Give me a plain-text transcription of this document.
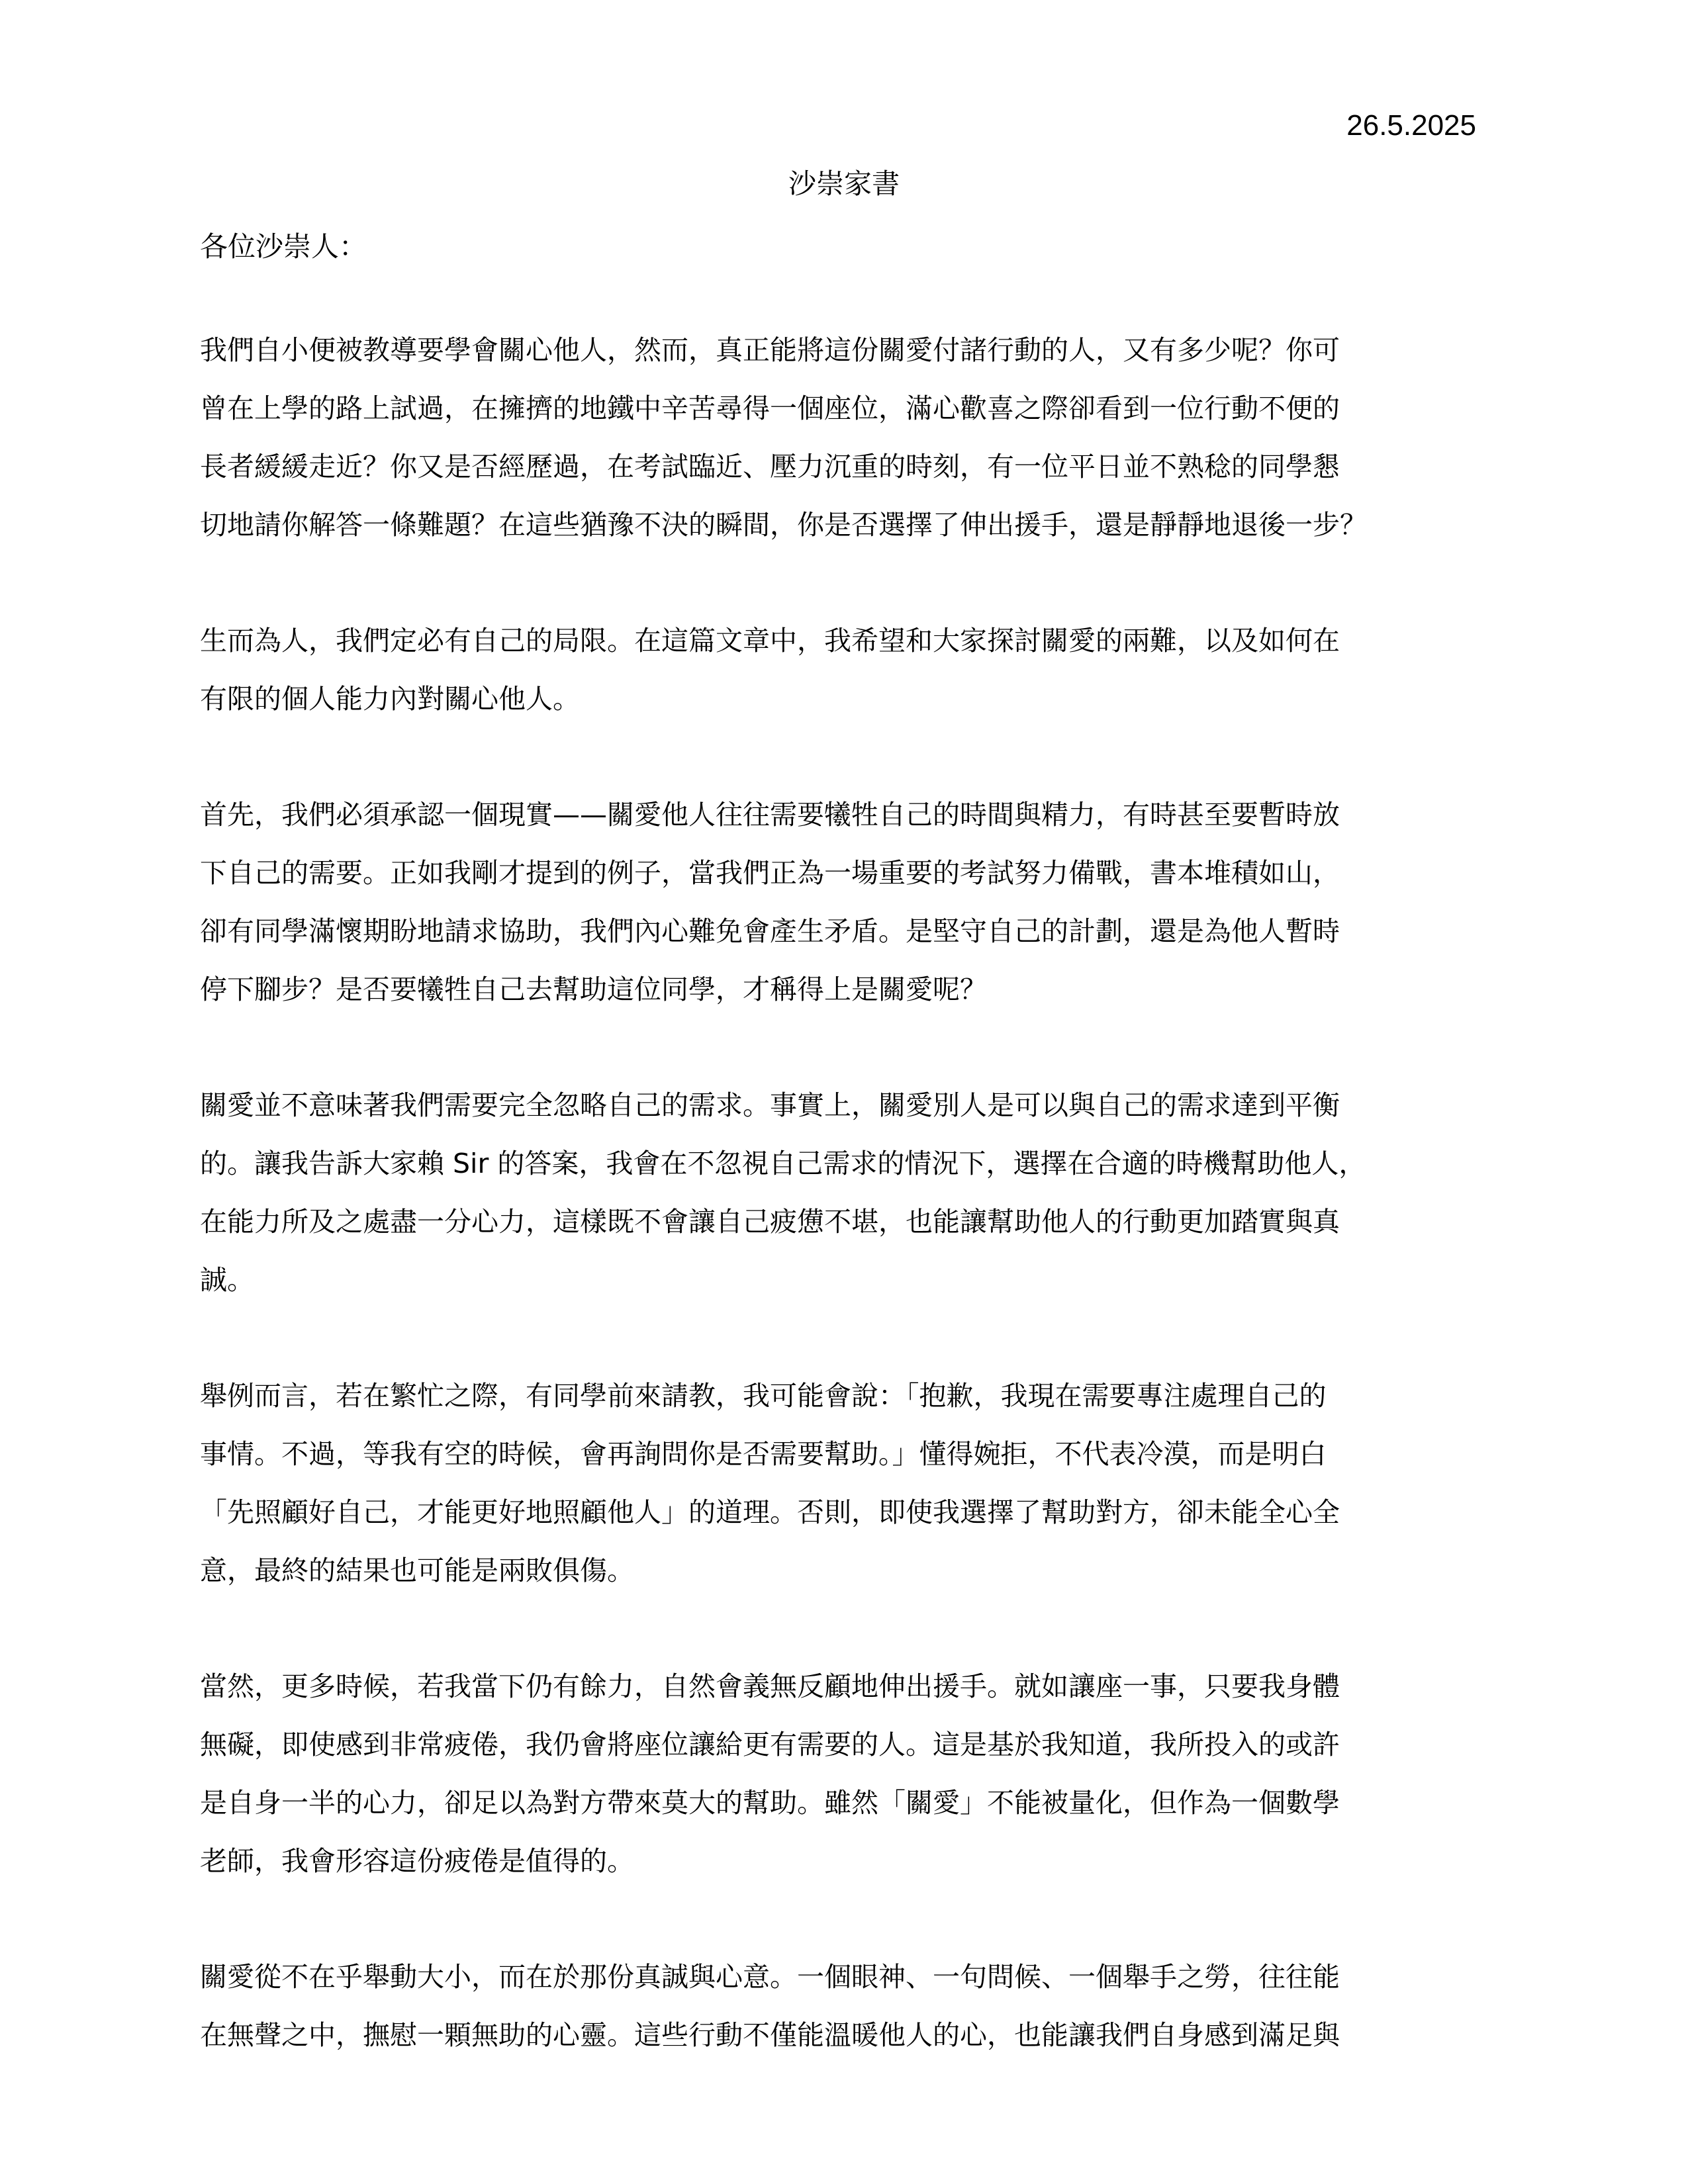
26.5.2025
沙崇家書
各位沙崇人：

我們自小便被教導要學會關心他人，然而，真正能將這份關愛付諸行動的人，又有多少呢？你可
曾在上學的路上試過，在擁擠的地鐵中辛苦尋得一個座位，滿心歡喜之際卻看到一位行動不便的
長者緩緩走近？你又是否經歷過，在考試臨近、壓力沉重的時刻，有一位平日並不熟稔的同學懇
切地請你解答一條難題？在這些猶豫不決的瞬間，你是否選擇了伸出援手，還是靜靜地退後一步？

生而為人，我們定必有自己的局限。在這篇文章中，我希望和大家探討關愛的兩難，以及如何在
有限的個人能力內對關心他人。

首先，我們必須承認一個現實——關愛他人往往需要犧牲自己的時間與精力，有時甚至要暫時放
下自己的需要。正如我剛才提到的例子，當我們正為一場重要的考試努力備戰，書本堆積如山，
卻有同學滿懷期盼地請求協助，我們內心難免會產生矛盾。是堅守自己的計劃，還是為他人暫時
停下腳步？是否要犧牲自己去幫助這位同學，才稱得上是關愛呢？

關愛並不意味著我們需要完全忽略自己的需求。事實上，關愛別人是可以與自己的需求達到平衡
的。讓我告訴大家賴 Sir 的答案，我會在不忽視自己需求的情況下，選擇在合適的時機幫助他人，
在能力所及之處盡一分心力，這樣既不會讓自己疲憊不堪，也能讓幫助他人的行動更加踏實與真
誠。

舉例而言，若在繁忙之際，有同學前來請教，我可能會說：「抱歉，我現在需要專注處理自己的
事情。不過，等我有空的時候，會再詢問你是否需要幫助。」懂得婉拒，不代表冷漠，而是明白
「先照顧好自己，才能更好地照顧他人」的道理。否則，即使我選擇了幫助對方，卻未能全心全
意，最終的結果也可能是兩敗俱傷。

當然，更多時候，若我當下仍有餘力，自然會義無反顧地伸出援手。就如讓座一事，只要我身體
無礙，即使感到非常疲倦，我仍會將座位讓給更有需要的人。這是基於我知道，我所投入的或許
是自身一半的心力，卻足以為對方帶來莫大的幫助。雖然「關愛」不能被量化，但作為一個數學
老師，我會形容這份疲倦是值得的。

關愛從不在乎舉動大小，而在於那份真誠與心意。一個眼神、一句問候、一個舉手之勞，往往能
在無聲之中，撫慰一顆無助的心靈。這些行動不僅能溫暖他人的心，也能讓我們自身感到滿足與
